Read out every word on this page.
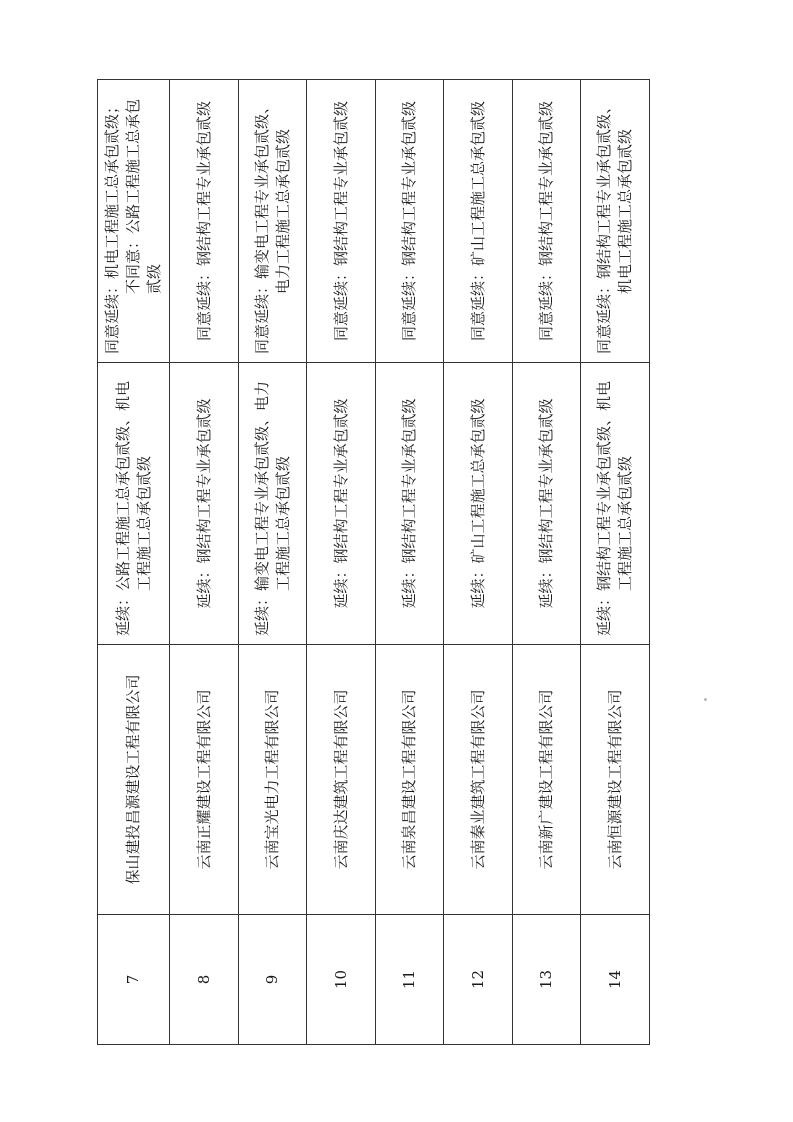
7	保山建投昌源建设工程有限公司	延续：公路工程施工总承包贰级、机电工程施工总承包贰级	同意延续：机电工程施工总承包贰级；不同意：公路工程施工总承包贰级

8	云南正耀建设工程有限公司	延续：钢结构工程专业承包贰级	同意延续：钢结构工程专业承包贰级

9	云南宝光电力工程有限公司	延续：输变电工程专业承包贰级、电力工程施工总承包贰级	同意延续：输变电工程专业承包贰级、电力工程施工总承包贰级

10	云南庆达建筑工程有限公司	延续：钢结构工程专业承包贰级	同意延续：钢结构工程专业承包贰级

11	云南泉昌建设工程有限公司	延续：钢结构工程专业承包贰级	同意延续：钢结构工程专业承包贰级

12	云南秦业建筑工程有限公司	延续：矿山工程施工总承包贰级	同意延续：矿山工程施工总承包贰级

13	云南新广建设工程有限公司	延续：钢结构工程专业承包贰级	同意延续：钢结构工程专业承包贰级

14	云南恒源建设工程有限公司	延续：钢结构工程专业承包贰级、机电工程施工总承包贰级	同意延续：钢结构工程专业承包贰级、机电工程施工总承包贰级
